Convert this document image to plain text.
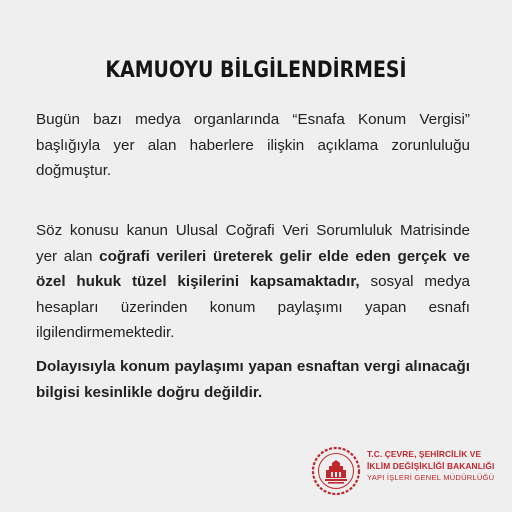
KAMUOYU BİLGİLENDİRMESİ
Bugün bazı medya organlarında “Esnafa Konum Vergisi” başlığıyla yer alan haberlere ilişkin açıklama zorunluluğu doğmuştur.
Söz konusu kanun Ulusal Coğrafi Veri Sorumluluk Matrisinde yer alan coğrafi verileri üreterek gelir elde eden gerçek ve özel hukuk tüzel kişilerini kapsamaktadır, sosyal medya hesapları üzerinden konum paylaşımı yapan esnafı ilgilendirmemektedir.
Dolayısıyla konum paylaşımı yapan esnaftan vergi alınacağı bilgisi kesinlikle doğru değildir.
T.C. ÇEVRE, ŞEHİRCİLİK VE
İKLİM DEĞİŞİKLİĞİ BAKANLIĞI
YAPI İŞLERİ GENEL MÜDÜRLÜĞÜ
